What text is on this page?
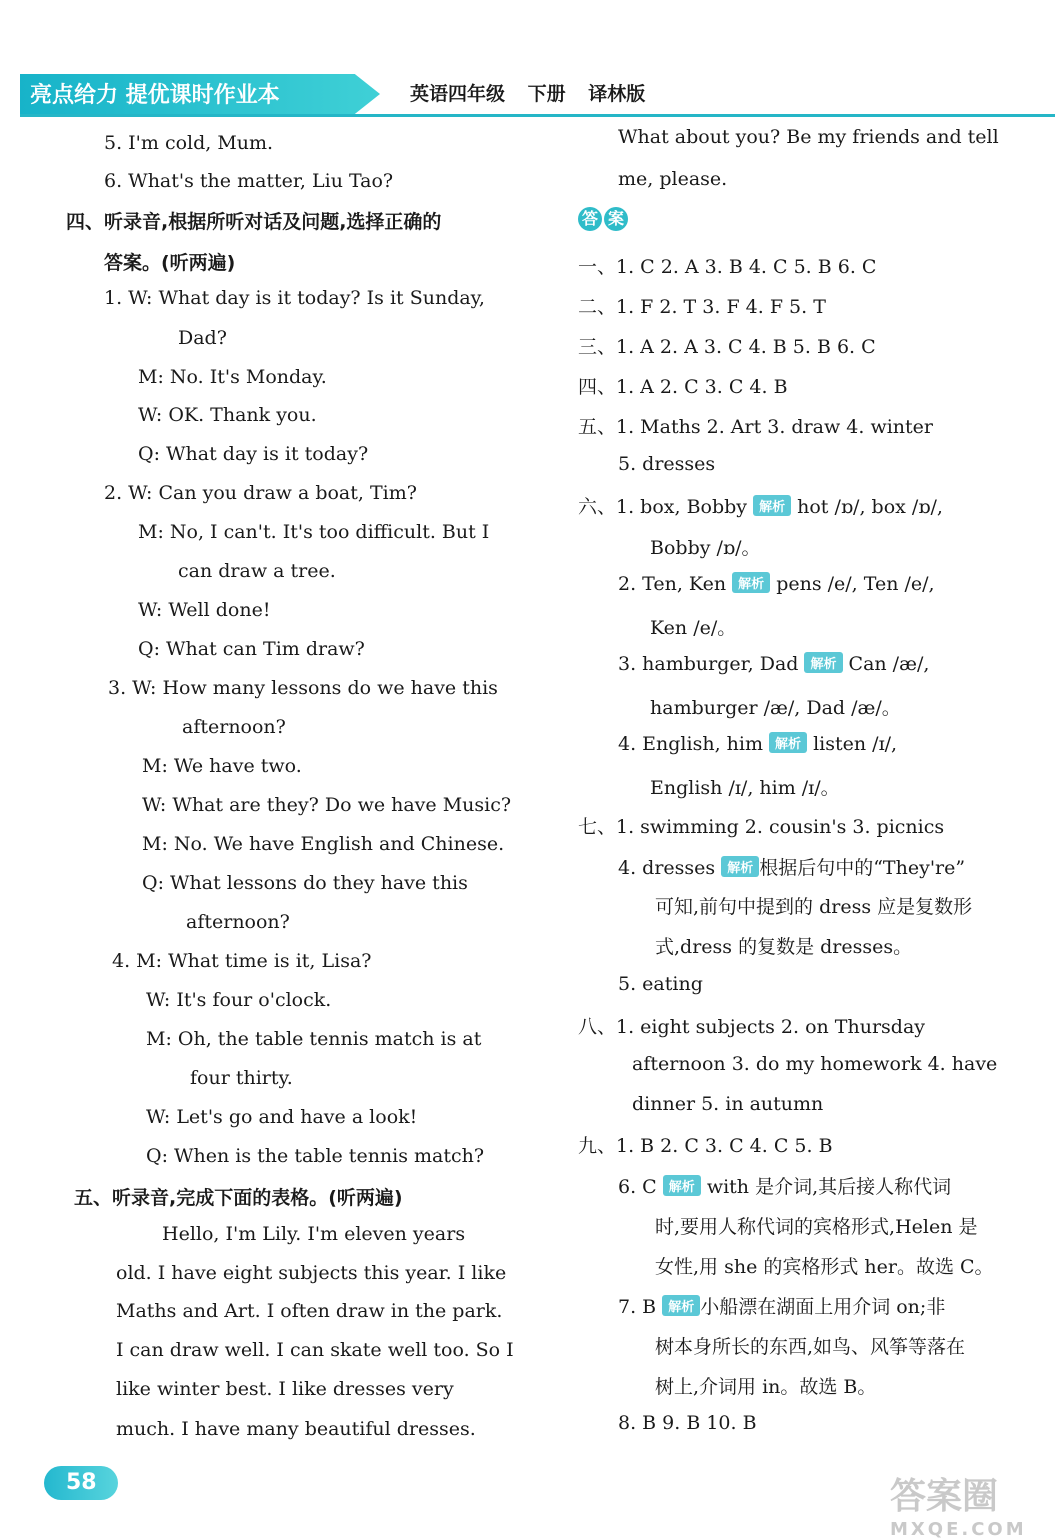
亮点给力 提优课时作业本	英语四年级 下册 译林版
5. I'm cold, Mum.
6. What's the matter, Liu Tao?
四、听录音,根据所听对话及问题,选择正确的
答案。(听两遍)
1. W: What day is it today? Is it Sunday,
Dad?
M: No. It's Monday.
W: OK. Thank you.
Q: What day is it today?
2. W: Can you draw a boat, Tim?
M: No, I can't. It's too difficult. But I
can draw a tree.
W: Well done!
Q: What can Tim draw?
3. W: How many lessons do we have this
afternoon?
M: We have two.
W: What are they? Do we have Music?
M: No. We have English and Chinese.
Q: What lessons do they have this
afternoon?
4. M: What time is it, Lisa?
W: It's four o'clock.
M: Oh, the table tennis match is at
four thirty.
W: Let's go and have a look!
Q: When is the table tennis match?
五、听录音,完成下面的表格。(听两遍)
Hello, I'm Lily. I'm eleven years
old. I have eight subjects this year. I like
Maths and Art. I often draw in the park.
I can draw well. I can skate well too. So I
like winter best. I like dresses very
much. I have many beautiful dresses.
What about you? Be my friends and tell
me, please.
一、1. C 2. A 3. B 4. C 5. B 6. C
二、1. F 2. T 3. F 4. F 5. T
三、1. A 2. A 3. C 4. B 5. B 6. C
四、1. A 2. C 3. C 4. B
五、1. Maths 2. Art 3. draw 4. winter
5. dresses
六、1. box, Bobby 解析 hot /ɒ/, box /ɒ/,
Bobby /ɒ/。
2. Ten, Ken 解析 pens /e/, Ten /e/,
Ken /e/。
3. hamburger, Dad 解析 Can /æ/,
hamburger /æ/, Dad /æ/。
4. English, him 解析 listen /ɪ/,
English /ɪ/, him /ɪ/。
七、1. swimming 2. cousin's 3. picnics
4. dresses 解析 根据后句中的“They're”
可知,前句中提到的 dress 应是复数形
式,dress 的复数是 dresses。
5. eating
八、1. eight subjects 2. on Thursday
afternoon 3. do my homework 4. have
dinner 5. in autumn
九、1. B 2. C 3. C 4. C 5. B
6. C 解析 with 是介词,其后接人称代词
时,要用人称代词的宾格形式,Helen 是
女性,用 she 的宾格形式 her。故选 C。
7. B 解析 小船漂在湖面上用介词 on;非
树本身所长的东西,如鸟、风筝等落在
树上,介词用 in。故选 B。
8. B 9. B 10. B
答 案
58	答案圈
MXQE.COM
